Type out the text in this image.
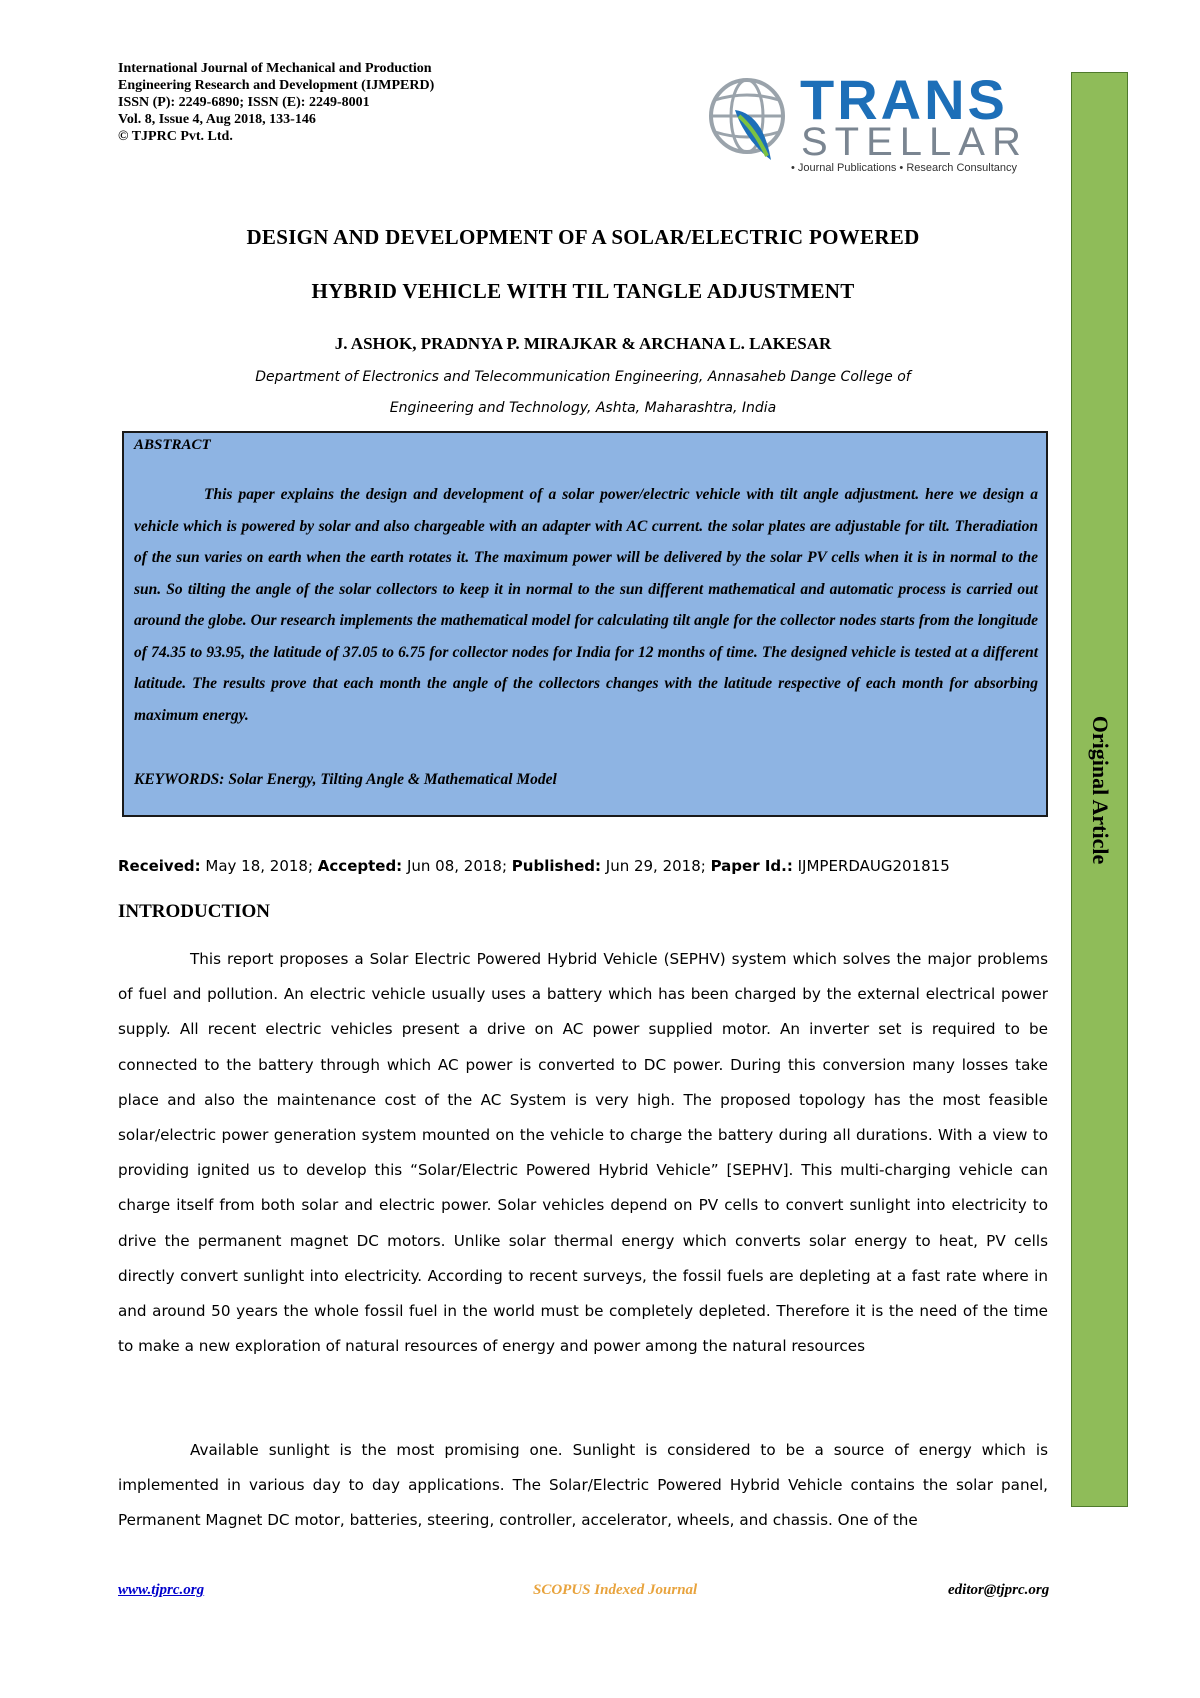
International Journal of Mechanical and Production
Engineering Research and Development (IJMPERD)
ISSN (P): 2249-6890; ISSN (E): 2249-8001
Vol. 8, Issue 4, Aug 2018, 133-146
© TJPRC Pvt. Ltd.
TRANS
STELLAR
• Journal Publications • Research Consultancy
Original Article
DESIGN AND DEVELOPMENT OF A SOLAR/ELECTRIC POWERED
HYBRID VEHICLE WITH TIL TANGLE ADJUSTMENT
J. ASHOK, PRADNYA P. MIRAJKAR & ARCHANA L. LAKESAR
Department of Electronics and Telecommunication Engineering, Annasaheb Dange College of
Engineering and Technology, Ashta, Maharashtra, India
ABSTRACT
This paper explains the design and development of a solar power/electric vehicle with tilt angle adjustment. here we design a vehicle which is powered by solar and also chargeable with an adapter with AC current. the solar plates are adjustable for tilt. Theradiation of the sun varies on earth when the earth rotates it. The maximum power will be delivered by the solar PV cells when it is in normal to the sun. So tilting the angle of the solar collectors to keep it in normal to the sun different mathematical and automatic process is carried out around the globe. Our research implements the mathematical model for calculating tilt angle for the collector nodes starts from the longitude of 74.35 to 93.95, the latitude of 37.05 to 6.75 for collector nodes for India for 12 months of time. The designed vehicle is tested at a different latitude. The results prove that each month the angle of the collectors changes with the latitude respective of each month for absorbing maximum energy.
KEYWORDS: Solar Energy, Tilting Angle & Mathematical Model
Received: May 18, 2018; Accepted: Jun 08, 2018; Published: Jun 29, 2018; Paper Id.: IJMPERDAUG201815
INTRODUCTION
This report proposes a Solar Electric Powered Hybrid Vehicle (SEPHV) system which solves the major problems of fuel and pollution. An electric vehicle usually uses a battery which has been charged by the external electrical power supply. All recent electric vehicles present a drive on AC power supplied motor. An inverter set is required to be connected to the battery through which AC power is converted to DC power. During this conversion many losses take place and also the maintenance cost of the AC System is very high. The proposed topology has the most feasible solar/electric power generation system mounted on the vehicle to charge the battery during all durations. With a view to providing ignited us to develop this “Solar/Electric Powered Hybrid Vehicle” [SEPHV]. This multi-charging vehicle can charge itself from both solar and electric power. Solar vehicles depend on PV cells to convert sunlight into electricity to drive the permanent magnet DC motors. Unlike solar thermal energy which converts solar energy to heat, PV cells directly convert sunlight into electricity. According to recent surveys, the fossil fuels are depleting at a fast rate where in and around 50 years the whole fossil fuel in the world must be completely depleted. Therefore it is the need of the time to make a new exploration of natural resources of energy and power among the natural resources
Available sunlight is the most promising one. Sunlight is considered to be a source of energy which is implemented in various day to day applications. The Solar/Electric Powered Hybrid Vehicle contains the solar panel, Permanent Magnet DC motor, batteries, steering, controller, accelerator, wheels, and chassis. One of the
www.tjprc.org	SCOPUS Indexed Journal	editor@tjprc.org
